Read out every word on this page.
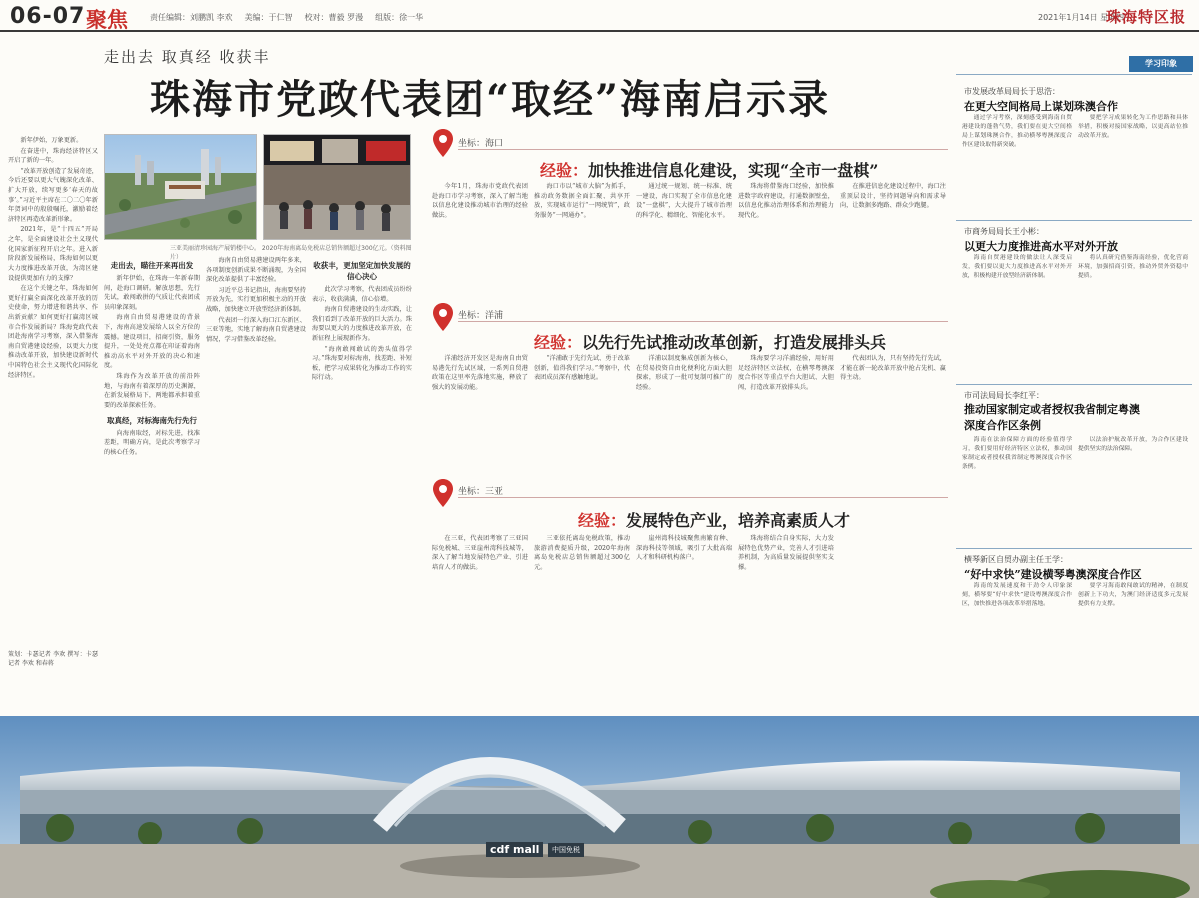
06-07 聚焦	责任编辑：刘鹏凯 李欢 美编：于仁智 校对：曹毅 罗漫 组版：徐一华	2021年1月14日 星期四
珠海特区报
走出去 取真经 收获丰
珠海市党政代表团“取经”海南启示录

新年伊始，万象更新。

在奋进中，珠海经济特区又开启了新的一年。

“改革开放创造了发展奇迹，今后还要以更大气魄深化改革、扩大开放，续写更多‘春天的故事’。”习近平主席在二〇二〇年新年贺词中的殷殷嘱托，激励着经济特区再造改革新形象。

2021年，是“十四五”开局之年，是全面建设社会主义现代化国家新征程开启之年。进入新阶段新发展格局，珠海如何以更大力度推进改革开放，为湾区建设提供更加有力的支撑？

在这个关键之年，珠海如何更好打赢全面深化改革开放的历史使命，努力增进和谐共享、作出新贡献？如何更好打赢湾区城市合作发展新局？珠海党政代表团赴海南学习考察，深入借鉴海南自贸港建设经验，以更大力度推动改革开放，加快建设新时代中国特色社会主义现代化国际化经济特区。

策划：卡瑟记者 李欢 撰写：卡瑟记者 李欢 和春蒋
三亚美丽清珍园海产展销楼中心。 2020年海南离岛免税店总销售额超过300亿元。（资料图片）

走出去，瞄往开来再出发

新年伊始，在珠海一年新春期间，赴海口调研。解放思想，先行先试，敢闯敢拼的气质让代表团成员印象深刻。

海南自由贸易港建设的背景下，海南高速发展给人以全方位的震撼。建设项目，招商引资，服务提升，一处处亮点都在印证着海南推动高水平对外开放的决心和速度。

珠海作为改革开放的前沿阵地，与海南有着深厚的历史渊源，在新发展格局下，两地都承担着重要的改革探索任务。

取真经，对标海南先行先行

向海南取经，对标先进，找准差距，明确方向，是此次考察学习的核心任务。

海南自由贸易港建设两年多来，各项制度创新成果不断涌现，为全国深化改革提供了丰富经验。

习近平总书记指出，海南要坚持开放为先，实行更加积极主动的开放战略，加快建立开放型经济新体制。

代表团一行深入海口江东新区、三亚等地，实地了解海南自贸港建设情况，学习借鉴改革经验。

收获丰，更加坚定加快发展的信心决心

此次学习考察，代表团成员纷纷表示，收获满满，信心倍增。

海南自贸港建设的生动实践，让我们看到了改革开放的巨大活力。珠海要以更大的力度推进改革开放，在新征程上展现新作为。

“海南敢闯敢试的劲头值得学习。”珠海要对标海南，找差距、补短板，把学习成果转化为推动工作的实际行动。

坐标：海口
经验：加快推进信息化建设，实现“全市一盘棋”

今年1月，珠海市党政代表团赴海口市学习考察，深入了解当地以信息化建设推动城市治理的经验做法。

海口市以“城市大脑”为抓手，推动政务数据全面汇聚、共享开放，实现城市运行“一网统管”，政务服务“一网通办”。

通过统一规划、统一标准、统一建设，海口实现了全市信息化建设“一盘棋”，大大提升了城市治理的科学化、精细化、智能化水平。

珠海将借鉴海口经验，加快推进数字政府建设，打通数据壁垒，以信息化推动治理体系和治理能力现代化。

在推进信息化建设过程中，海口注重顶层设计，坚持问题导向和需求导向，让数据多跑路、群众少跑腿。

坐标：洋浦
经验：以先行先试推动改革创新，打造发展排头兵

洋浦经济开发区是海南自由贸易港先行先试区域，一系列自贸港政策在这里率先落地实施，释放了强大的发展动能。

“洋浦敢于先行先试、勇于改革创新，值得我们学习。”考察中，代表团成员深有感触地说。

洋浦以制度集成创新为核心，在贸易投资自由化便利化方面大胆探索，形成了一批可复制可推广的经验。

珠海要学习洋浦经验，用好用足经济特区立法权，在横琴粤澳深度合作区等重点平台大胆试、大胆闯，打造改革开放排头兵。

代表团认为，只有坚持先行先试，才能在新一轮改革开放中抢占先机、赢得主动。

坐标：三亚
经验：发展特色产业，培养高素质人才

在三亚，代表团考察了三亚国际免税城、三亚崖州湾科技城等，深入了解当地发展特色产业、引进培育人才的做法。

三亚依托离岛免税政策，推动旅游消费提质升级，2020年海南离岛免税店总销售额超过300亿元。

崖州湾科技城聚焦南繁育种、深海科技等领域，吸引了大批高端人才和科研机构落户。

珠海将结合自身实际，大力发展特色优势产业，完善人才引进培养机制，为高质量发展提供坚实支撑。

学习印象
市发展改革局局长于思浩：
在更大空间格局上谋划珠澳合作

通过学习考察，深刻感受到海南自贸港建设的蓬勃气势，我们要在更大空间格局上谋划珠澳合作，推动横琴粤澳深度合作区建设取得新突破。

要把学习成果转化为工作思路和具体举措，积极对接国家战略，以更高站位推动改革开放。

市商务局局长王小彬：
以更大力度推进高水平对外开放

海南自贸港建设的做法让人深受启发，我们要以更大力度推进高水平对外开放，积极构建开放型经济新体制。

将认真研究借鉴海南经验，优化营商环境，加强招商引资，推动外贸外资稳中提质。

市司法局局长李红平：
推动国家制定或者授权我省制定粤澳深度合作区条例

海南在法治保障方面的经验值得学习，我们要用好经济特区立法权，推动国家制定或者授权我省制定粤澳深度合作区条例。

以法治护航改革开放，为合作区建设提供坚实的法治保障。

横琴新区自贸办副主任王学：
“好中求快”建设横琴粤澳深度合作区

海南的发展速度和干劲令人印象深刻，横琴要“好中求快”建设粤澳深度合作区，加快推进各项改革举措落地。

要学习海南敢闯敢试的精神，在制度创新上下功夫，为澳门经济适度多元发展提供有力支撑。

cdf mall	中国免税
